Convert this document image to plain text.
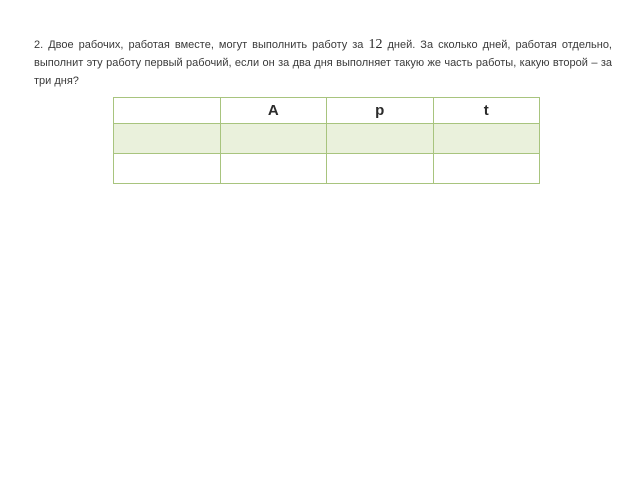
2. Двое рабочих, работая вместе, могут выполнить работу за 12 дней. За сколько дней, работая отдельно, выполнит эту работу первый рабочий, если он за два дня выполняет такую же часть работы, какую второй – за три дня?

	A	p	t
